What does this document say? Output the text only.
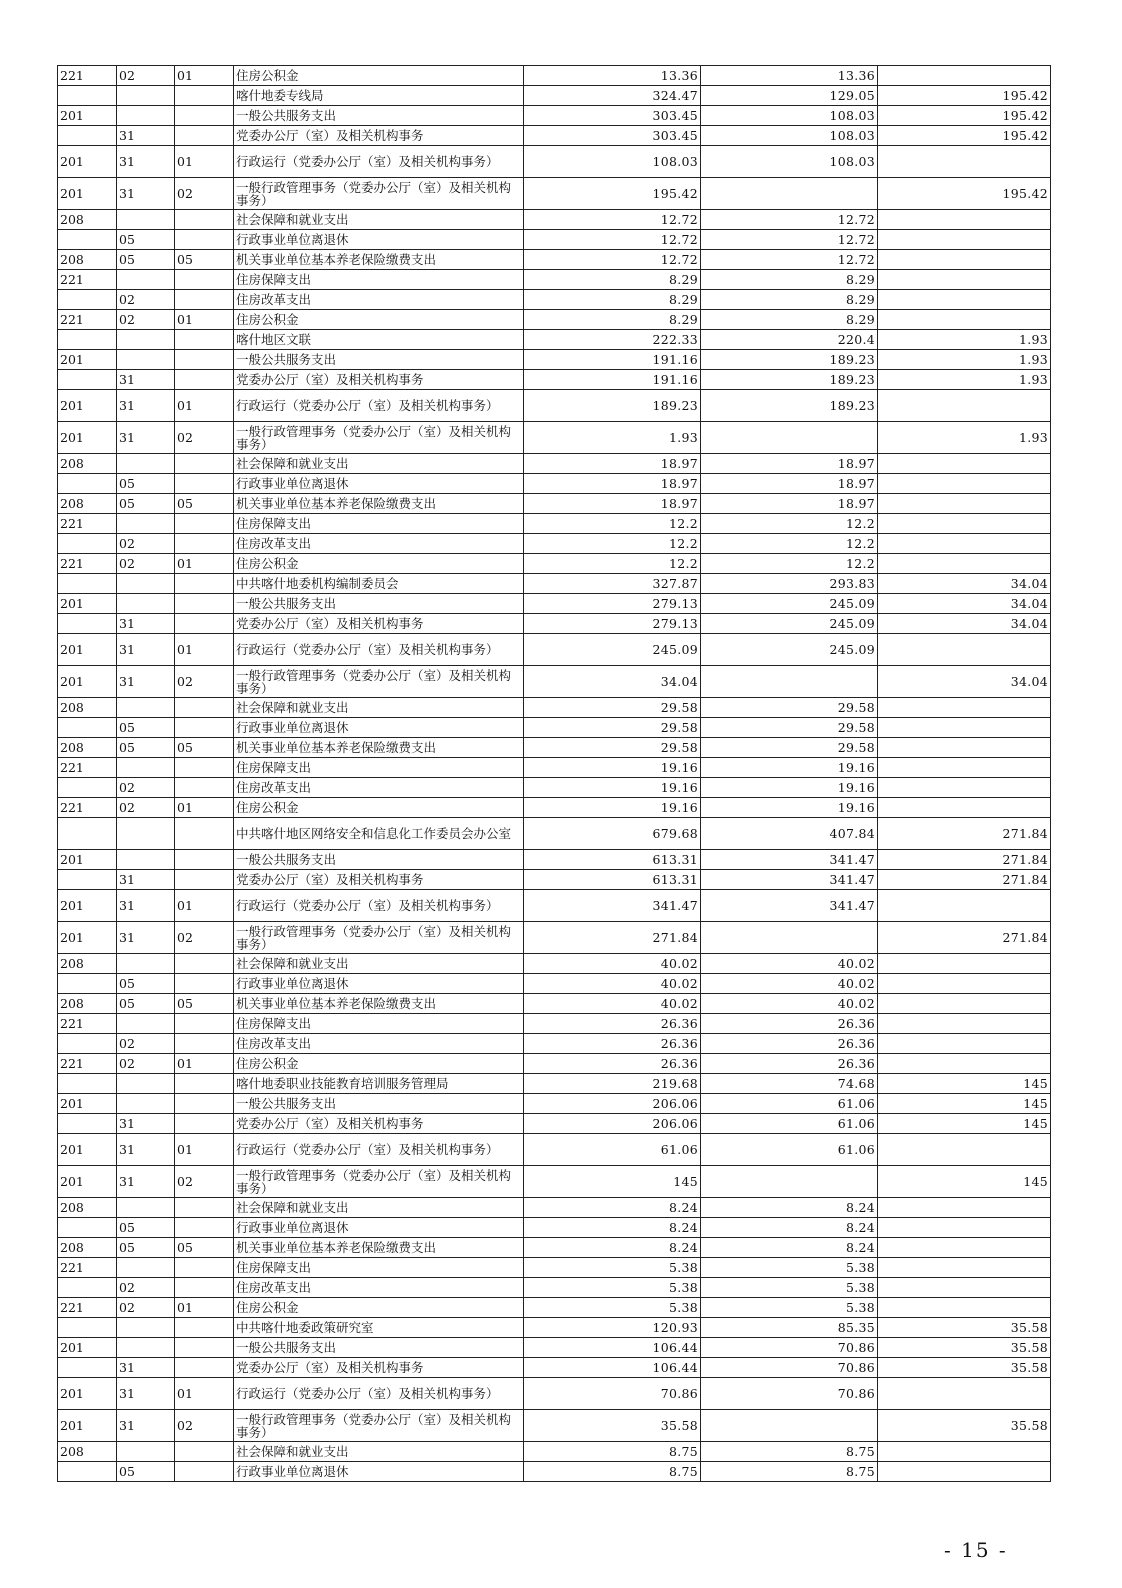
221	02	01	住房公积金	13.36	13.36	
			喀什地委专线局	324.47	129.05	195.42
201			一般公共服务支出	303.45	108.03	195.42
	31		党委办公厅（室）及相关机构事务	303.45	108.03	195.42
201	31	01	行政运行（党委办公厅（室）及相关机构事务）	108.03	108.03	
201	31	02	一般行政管理事务（党委办公厅（室）及相关机构事务）	195.42		195.42
208			社会保障和就业支出	12.72	12.72	
	05		行政事业单位离退休	12.72	12.72	
208	05	05	机关事业单位基本养老保险缴费支出	12.72	12.72	
221			住房保障支出	8.29	8.29	
	02		住房改革支出	8.29	8.29	
221	02	01	住房公积金	8.29	8.29	
			喀什地区文联	222.33	220.4	1.93
201			一般公共服务支出	191.16	189.23	1.93
	31		党委办公厅（室）及相关机构事务	191.16	189.23	1.93
201	31	01	行政运行（党委办公厅（室）及相关机构事务）	189.23	189.23	
201	31	02	一般行政管理事务（党委办公厅（室）及相关机构事务）	1.93		1.93
208			社会保障和就业支出	18.97	18.97	
	05		行政事业单位离退休	18.97	18.97	
208	05	05	机关事业单位基本养老保险缴费支出	18.97	18.97	
221			住房保障支出	12.2	12.2	
	02		住房改革支出	12.2	12.2	
221	02	01	住房公积金	12.2	12.2	
			中共喀什地委机构编制委员会	327.87	293.83	34.04
201			一般公共服务支出	279.13	245.09	34.04
	31		党委办公厅（室）及相关机构事务	279.13	245.09	34.04
201	31	01	行政运行（党委办公厅（室）及相关机构事务）	245.09	245.09	
201	31	02	一般行政管理事务（党委办公厅（室）及相关机构事务）	34.04		34.04
208			社会保障和就业支出	29.58	29.58	
	05		行政事业单位离退休	29.58	29.58	
208	05	05	机关事业单位基本养老保险缴费支出	29.58	29.58	
221			住房保障支出	19.16	19.16	
	02		住房改革支出	19.16	19.16	
221	02	01	住房公积金	19.16	19.16	
			中共喀什地区网络安全和信息化工作委员会办公室	679.68	407.84	271.84
201			一般公共服务支出	613.31	341.47	271.84
	31		党委办公厅（室）及相关机构事务	613.31	341.47	271.84
201	31	01	行政运行（党委办公厅（室）及相关机构事务）	341.47	341.47	
201	31	02	一般行政管理事务（党委办公厅（室）及相关机构事务）	271.84		271.84
208			社会保障和就业支出	40.02	40.02	
	05		行政事业单位离退休	40.02	40.02	
208	05	05	机关事业单位基本养老保险缴费支出	40.02	40.02	
221			住房保障支出	26.36	26.36	
	02		住房改革支出	26.36	26.36	
221	02	01	住房公积金	26.36	26.36	
			喀什地委职业技能教育培训服务管理局	219.68	74.68	145
201			一般公共服务支出	206.06	61.06	145
	31		党委办公厅（室）及相关机构事务	206.06	61.06	145
201	31	01	行政运行（党委办公厅（室）及相关机构事务）	61.06	61.06	
201	31	02	一般行政管理事务（党委办公厅（室）及相关机构事务）	145		145
208			社会保障和就业支出	8.24	8.24	
	05		行政事业单位离退休	8.24	8.24	
208	05	05	机关事业单位基本养老保险缴费支出	8.24	8.24	
221			住房保障支出	5.38	5.38	
	02		住房改革支出	5.38	5.38	
221	02	01	住房公积金	5.38	5.38	
			中共喀什地委政策研究室	120.93	85.35	35.58
201			一般公共服务支出	106.44	70.86	35.58
	31		党委办公厅（室）及相关机构事务	106.44	70.86	35.58
201	31	01	行政运行（党委办公厅（室）及相关机构事务）	70.86	70.86	
201	31	02	一般行政管理事务（党委办公厅（室）及相关机构事务）	35.58		35.58
208			社会保障和就业支出	8.75	8.75	
	05		行政事业单位离退休	8.75	8.75	
- 15 -
